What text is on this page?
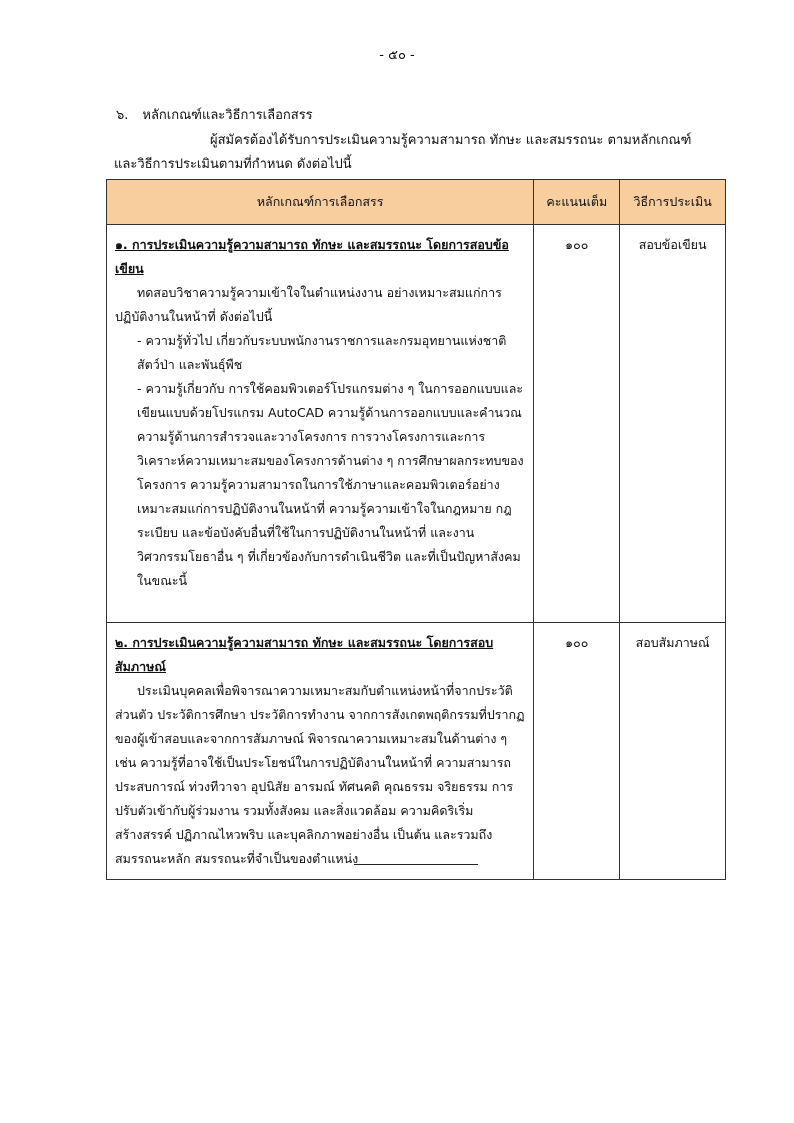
- ๕๐ -
๖. หลักเกณฑ์และวิธีการเลือกสรร
ผู้สมัครต้องได้รับการประเมินความรู้ความสามารถ ทักษะ และสมรรถนะ ตามหลักเกณฑ์
และวิธีการประเมินตามที่กำหนด ดังต่อไปนี้
หลักเกณฑ์การเลือกสรร	คะแนนเต็ม	วิธีการประเมิน

๑. การประเมินความรู้ความสามารถ ทักษะ และสมรรถนะ โดยการสอบข้อเขียน
ทดสอบวิชาความรู้ความเข้าใจในตำแหน่งงาน อย่างเหมาะสมแก่การปฏิบัติงานในหน้าที่ ดังต่อไปนี้
- ความรู้ทั่วไป เกี่ยวกับระบบพนักงานราชการและกรมอุทยานแห่งชาติ สัตว์ป่า และพันธุ์พืช
- ความรู้เกี่ยวกับ การใช้คอมพิวเตอร์โปรแกรมต่าง ๆ ในการออกแบบและเขียนแบบด้วยโปรแกรม AutoCAD ความรู้ด้านการออกแบบและคำนวณ ความรู้ด้านการสำรวจและวางโครงการ การวางโครงการและการวิเคราะห์ความเหมาะสมของโครงการด้านต่าง ๆ การศึกษาผลกระทบของโครงการ ความรู้ความสามารถในการใช้ภาษาและคอมพิวเตอร์อย่างเหมาะสมแก่การปฏิบัติงานในหน้าที่ ความรู้ความเข้าใจในกฎหมาย กฎ ระเบียบ และข้อบังคับอื่นที่ใช้ในการปฏิบัติงานในหน้าที่ และงานวิศวกรรมโยธาอื่น ๆ ที่เกี่ยวข้องกับการดำเนินชีวิต และที่เป็นปัญหาสังคมในขณะนี้	๑๐๐	สอบข้อเขียน

๒. การประเมินความรู้ความสามารถ ทักษะ และสมรรถนะ โดยการสอบสัมภาษณ์
ประเมินบุคคลเพื่อพิจารณาความเหมาะสมกับตำแหน่งหน้าที่จากประวัติส่วนตัว ประวัติการศึกษา ประวัติการทำงาน จากการสังเกตพฤติกรรมที่ปรากฏของผู้เข้าสอบและจากการสัมภาษณ์ พิจารณาความเหมาะสมในด้านต่าง ๆ เช่น ความรู้ที่อาจใช้เป็นประโยชน์ในการปฏิบัติงานในหน้าที่ ความสามารถประสบการณ์ ท่วงทีวาจา อุปนิสัย อารมณ์ ทัศนคติ คุณธรรม จริยธรรม การปรับตัวเข้ากับผู้ร่วมงาน รวมทั้งสังคม และสิ่งแวดล้อม ความคิดริเริ่มสร้างสรรค์ ปฏิภาณไหวพริบ และบุคลิกภาพอย่างอื่น เป็นต้น และรวมถึงสมรรถนะหลัก สมรรถนะที่จำเป็นของตำแหน่ง	๑๐๐	สอบสัมภาษณ์
